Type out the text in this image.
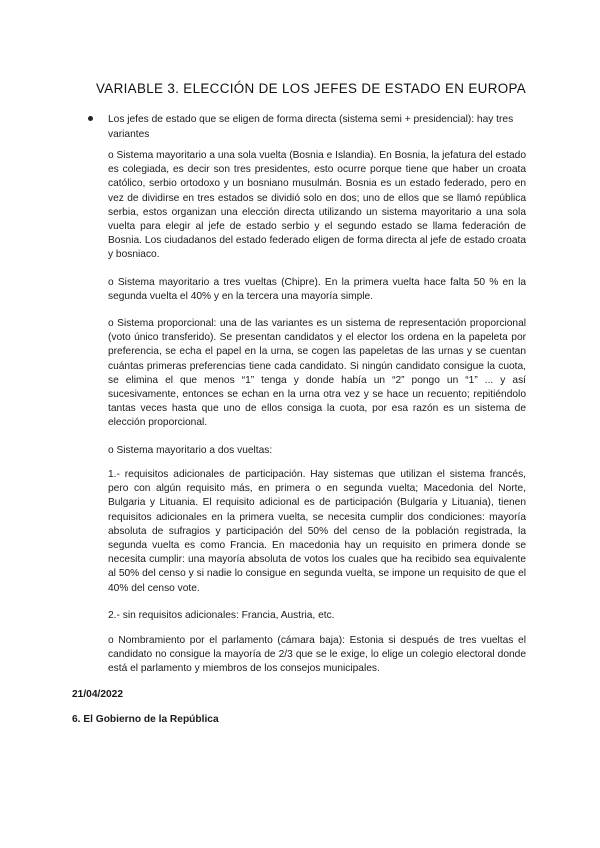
VARIABLE 3. ELECCIÓN DE LOS JEFES DE ESTADO EN EUROPA
Los jefes de estado que se eligen de forma directa (sistema semi + presidencial): hay tres variantes
o Sistema mayoritario a una sola vuelta (Bosnia e Islandia). En Bosnia, la jefatura del estado es colegiada, es decir son tres presidentes, esto ocurre porque tiene que haber un croata católico, serbio ortodoxo y un bosniano musulmán. Bosnia es un estado federado, pero en vez de dividirse en tres estados se dividió solo en dos; uno de ellos que se llamó república serbia, estos organizan una elección directa utilizando un sistema mayoritario a una sola vuelta para elegir al jefe de estado serbio y el segundo estado se llama federación de Bosnia. Los ciudadanos del estado federado eligen de forma directa al jefe de estado croata y bosniaco.
o Sistema mayoritario a tres vueltas (Chipre). En la primera vuelta hace falta 50 % en la segunda vuelta el 40% y en la tercera una mayoría simple.
o Sistema proporcional: una de las variantes es un sistema de representación proporcional (voto único transferido). Se presentan candidatos y el elector los ordena en la papeleta por preferencia, se echa el papel en la urna, se cogen las papeletas de las urnas y se cuentan cuántas primeras preferencias tiene cada candidato. Si ningún candidato consigue la cuota, se elimina el que menos “1” tenga y donde había un “2” pongo un “1” ... y así sucesivamente, entonces se echan en la urna otra vez y se hace un recuento; repitiéndolo tantas veces hasta que uno de ellos consiga la cuota, por esa razón es un sistema de elección proporcional.
o Sistema mayoritario a dos vueltas:
1.- requisitos adicionales de participación. Hay sistemas que utilizan el sistema francés, pero con algún requisito más, en primera o en segunda vuelta; Macedonia del Norte, Bulgaria y Lituania. El requisito adicional es de participación (Bulgaria y Lituania), tienen requisitos adicionales en la primera vuelta, se necesita cumplir dos condiciones: mayoría absoluta de sufragios y participación del 50% del censo de la población registrada, la segunda vuelta es como Francia. En macedonia hay un requisito en primera donde se necesita cumplir: una mayoría absoluta de votos los cuales que ha recibido sea equivalente al 50% del censo y si nadie lo consigue en segunda vuelta, se impone un requisito de que el 40% del censo vote.
2.- sin requisitos adicionales: Francia, Austria, etc.
o Nombramiento por el parlamento (cámara baja): Estonia si después de tres vueltas el candidato no consigue la mayoría de 2/3 que se le exige, lo elige un colegio electoral donde está el parlamento y miembros de los consejos municipales.
21/04/2022
6. El Gobierno de la República
